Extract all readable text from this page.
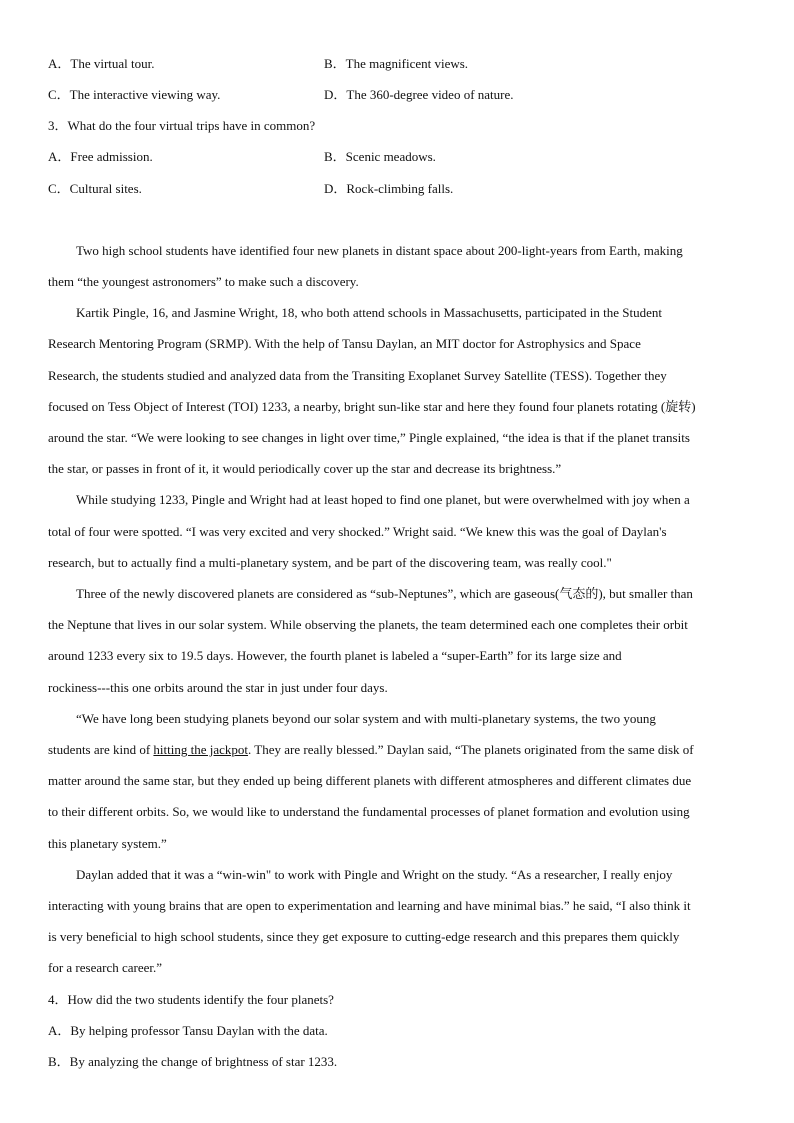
A．The virtual tour.	B．The magnificent views.
C．The interactive viewing way.	D．The 360-degree video of nature.
3．What do the four virtual trips have in common?
A．Free admission.	B．Scenic meadows.
C．Cultural sites.	D．Rock-climbing falls.
Two high school students have identified four new planets in distant space about 200-light-years from Earth, making
them “the youngest astronomers” to make such a discovery.
Kartik Pingle, 16, and Jasmine Wright, 18, who both attend schools in Massachusetts, participated in the Student
Research Mentoring Program (SRMP). With the help of Tansu Daylan, an MIT doctor for Astrophysics and Space
Research, the students studied and analyzed data from the Transiting Exoplanet Survey Satellite (TESS). Together they
focused on Tess Object of Interest (TOI) 1233, a nearby, bright sun-like star and here they found four planets rotating (旋转)
around the star. “We were looking to see changes in light over time,” Pingle explained, “the idea is that if the planet transits
the star, or passes in front of it, it would periodically cover up the star and decrease its brightness.”
While studying 1233, Pingle and Wright had at least hoped to find one planet, but were overwhelmed with joy when a
total of four were spotted. “I was very excited and very shocked.” Wright said. “We knew this was the goal of Daylan's
research, but to actually find a multi-planetary system, and be part of the discovering team, was really cool."
Three of the newly discovered planets are considered as “sub-Neptunes”, which are gaseous(气态的), but smaller than
the Neptune that lives in our solar system. While observing the planets, the team determined each one completes their orbit
around 1233 every six to 19.5 days. However, the fourth planet is labeled a “super-Earth” for its large size and
rockiness---this one orbits around the star in just under four days.
“We have long been studying planets beyond our solar system and with multi-planetary systems, the two young
students are kind of hitting the jackpot. They are really blessed.” Daylan said, “The planets originated from the same disk of
matter around the same star, but they ended up being different planets with different atmospheres and different climates due
to their different orbits. So, we would like to understand the fundamental processes of planet formation and evolution using
this planetary system.”
Daylan added that it was a “win-win" to work with Pingle and Wright on the study. “As a researcher, I really enjoy
interacting with young brains that are open to experimentation and learning and have minimal bias.” he said, “I also think it
is very beneficial to high school students, since they get exposure to cutting-edge research and this prepares them quickly
for a research career.”
4．How did the two students identify the four planets?
A．By helping professor Tansu Daylan with the data.
B．By analyzing the change of brightness of star 1233.
